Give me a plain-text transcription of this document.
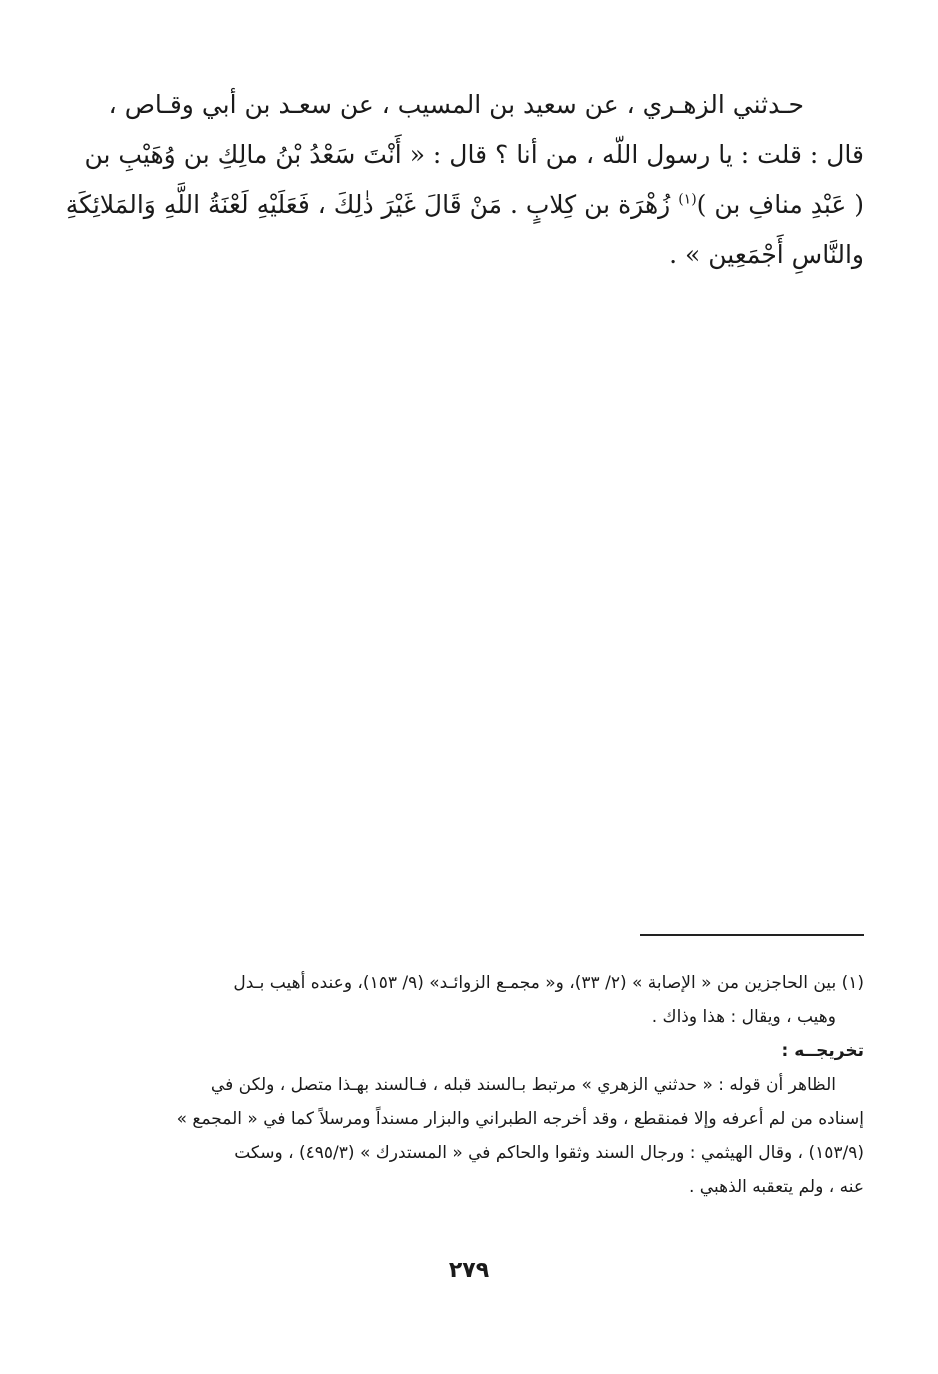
حـدثني الزهـري ، عن سعيد بن المسيب ، عن سعـد بن أبي وقـاص ،
قال : قلت : يا رسول اللّه ، من أنا ؟ قال : « أَنْتَ سَعْدُ بْنُ مالِكِ بن وُهَيْبِ بن
( عَبْدِ منافِ بن )$^{(١)}$ زُهْرَة بن كِلابٍ . مَنْ قَالَ غَيْرَ ذٰلِكَ ، فَعَلَيْهِ لَعْنَةُ اللَّهِ وَالمَلائِكَةِ
والنَّاسِ أَجْمَعِين » .
(١) بين الحاجزين من « الإصابة » (٢/ ٣٣)، و« مجمـع الزوائـد» (٩/ ١٥٣)، وعنده أهيب بـدل
وهيب ، ويقال : هذا وذاك .
تخريجــه :
الظاهر أن قوله : « حدثني الزهري » مرتبط بـالسند قبله ، فـالسند بهـذا متصل ، ولكن في
إسناده من لم أعرفه وإلا فمنقطع ، وقد أخرجه الطبراني والبزار مسنداً ومرسلاً كما في « المجمع »
(١٥٣/٩) ، وقال الهيثمي : ورجال السند وثقوا والحاكم في « المستدرك » (٤٩٥/٣) ، وسكت
عنه ، ولم يتعقبه الذهبي .
٢٧٩
